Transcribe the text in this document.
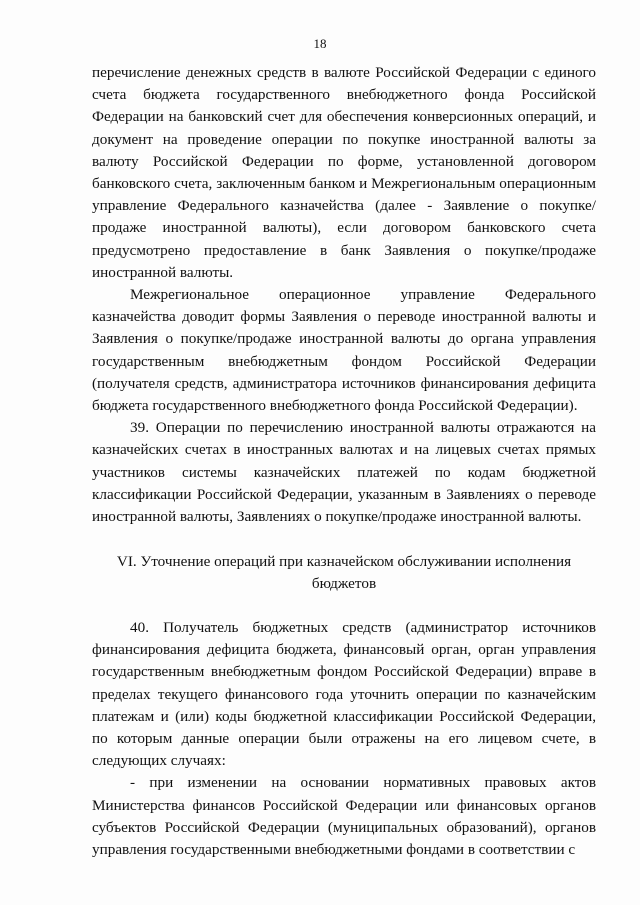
18

перечисление денежных средств в валюте Российской Федерации с единого счета бюджета государственного внебюджетного фонда Российской Федерации на банковский счет для обеспечения конверсионных операций, и документ на проведение операции по покупке иностранной валюты за валюту Российской Федерации по форме, установленной договором банковского счета, заключенным банком и Межрегиональным операционным управление Федерального казначейства (далее - Заявление о покупке/продаже иностранной валюты), если договором банковского счета предусмотрено предоставление в банк Заявления о покупке/продаже иностранной валюты.

Межрегиональное операционное управление Федерального казначейства доводит формы Заявления о переводе иностранной валюты и Заявления о покупке/продаже иностранной валюты до органа управления государственным внебюджетным фондом Российской Федерации (получателя средств, администратора источников финансирования дефицита бюджета государственного внебюджетного фонда Российской Федерации).

39. Операции по перечислению иностранной валюты отражаются на казначейских счетах в иностранных валютах и на лицевых счетах прямых участников системы казначейских платежей по кодам бюджетной классификации Российской Федерации, указанным в Заявлениях о переводе иностранной валюты, Заявлениях о покупке/продаже иностранной валюты.

VI. Уточнение операций при казначейском обслуживании исполнения
бюджетов

40. Получатель бюджетных средств (администратор источников финансирования дефицита бюджета, финансовый орган, орган управления государственным внебюджетным фондом Российской Федерации) вправе в пределах текущего финансового года уточнить операции по казначейским платежам и (или) коды бюджетной классификации Российской Федерации, по которым данные операции были отражены на его лицевом счете, в следующих случаях:

- при изменении на основании нормативных правовых актов Министерства финансов Российской Федерации или финансовых органов субъектов Российской Федерации (муниципальных образований), органов управления государственными внебюджетными фондами в соответствии с
